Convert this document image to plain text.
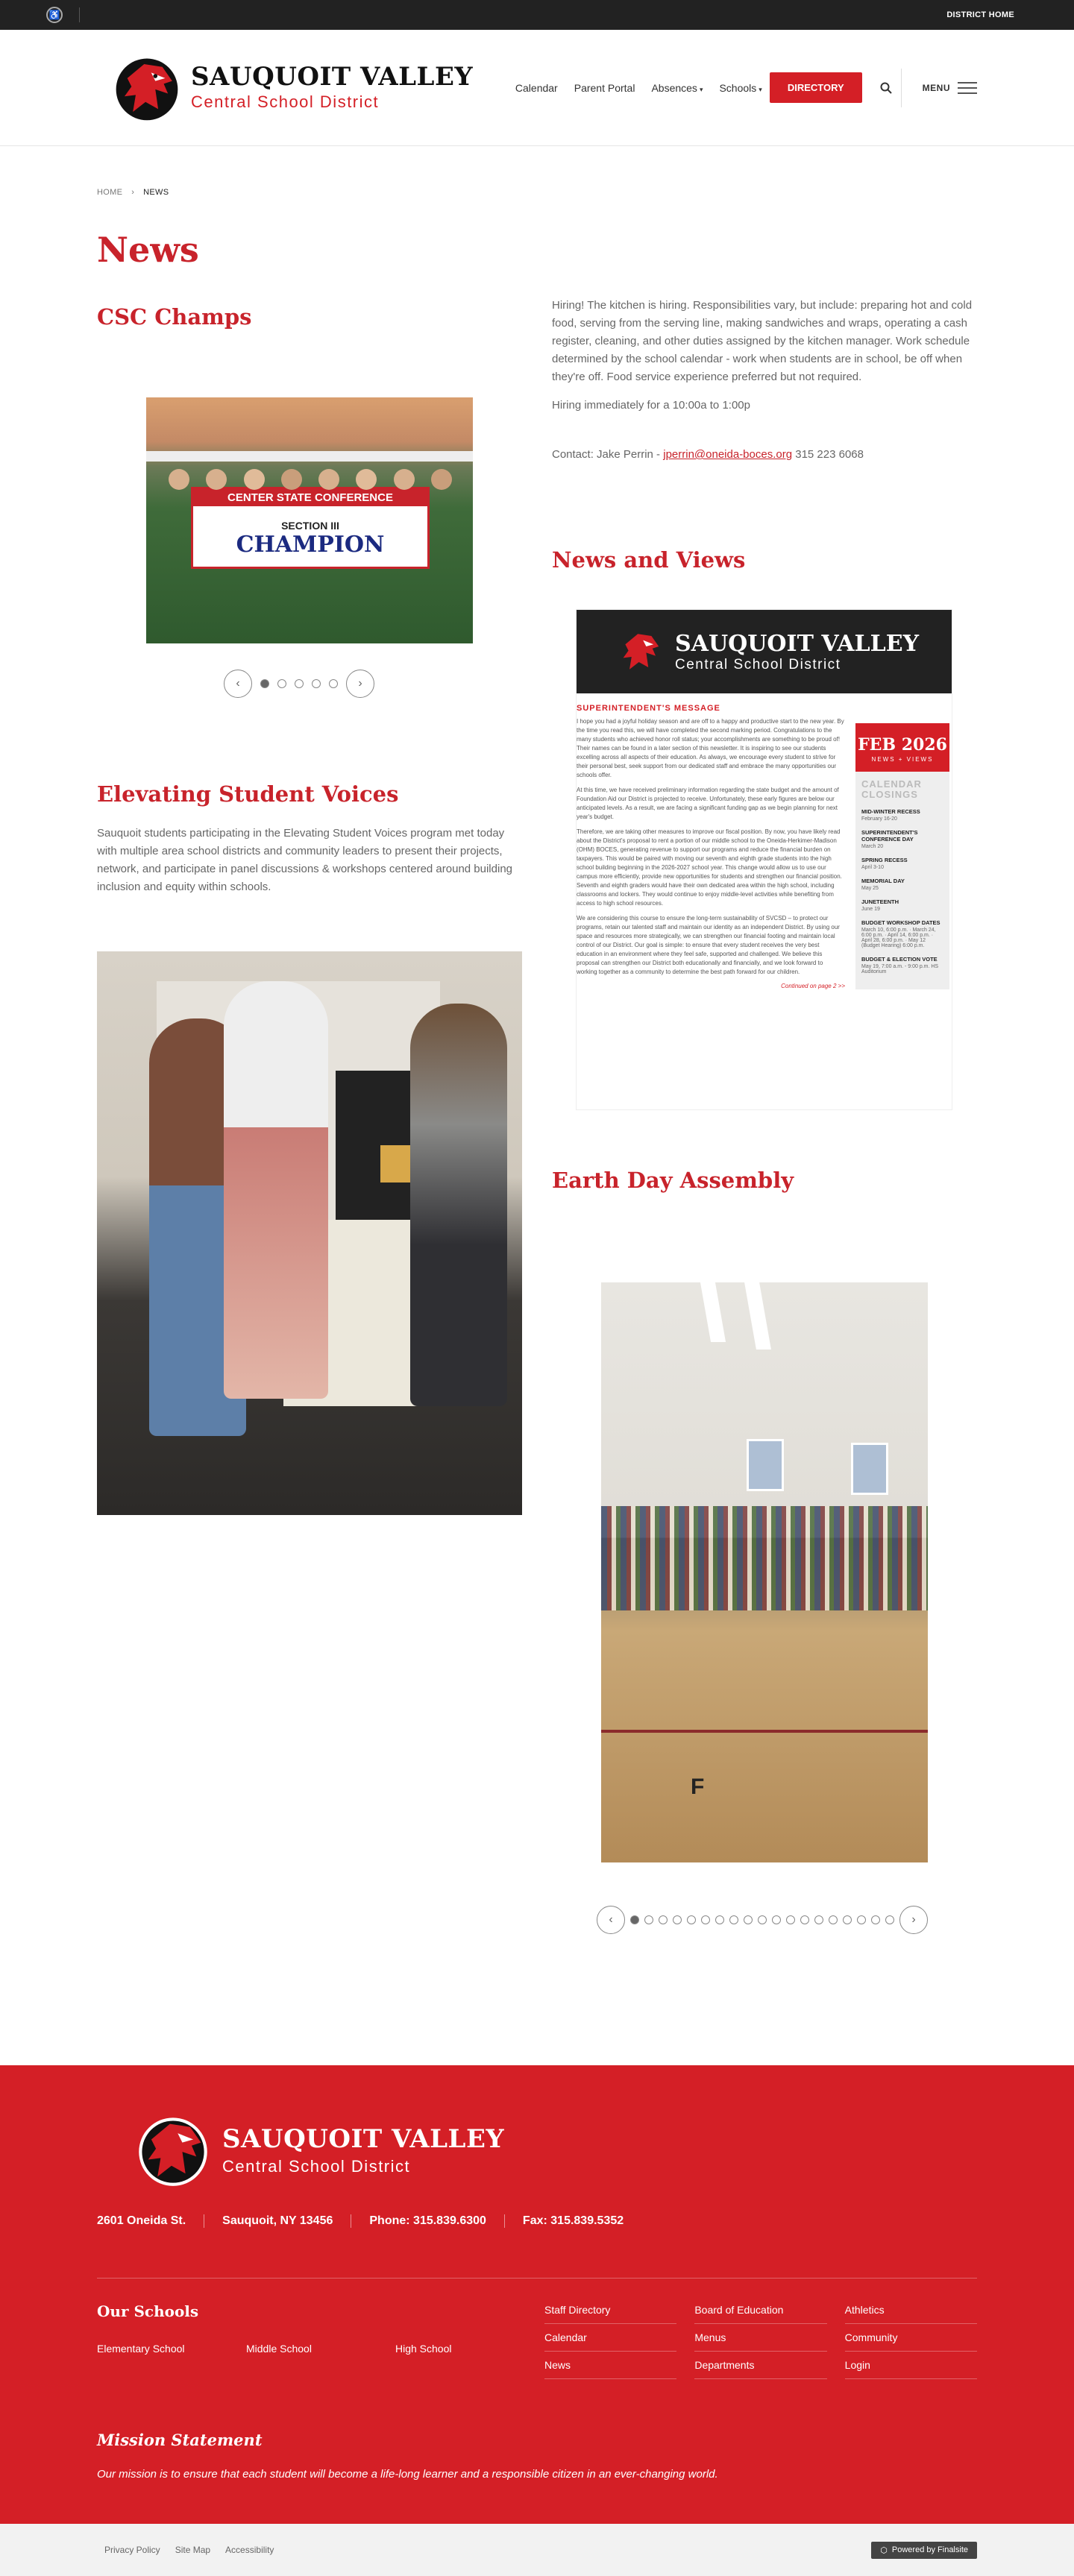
♿	DISTRICT HOME
SAUQUOIT VALLEY
Central School District
Calendar Parent Portal Absences ▾ Schools ▾	DIRECTORY	MENU
HOME › NEWS
News
CSC Champs
CENTER STATE CONFERENCE
SECTION III
CHAMPION
‹	›
Elevating Student Voices

Sauquoit students participating in the Elevating Student Voices program met today with multiple area school districts and community leaders to present their projects, network, and participate in panel discussions & workshops centered around building inclusion and equity within schools.

Hiring! The kitchen is hiring. Responsibilities vary, but include: preparing hot and cold food, serving from the serving line, making sandwiches and wraps, operating a cash register, cleaning, and other duties assigned by the kitchen manager. Work schedule determined by the school calendar - work when students are in school, be off when they're off. Food service experience preferred but not required.

Hiring immediately for a 10:00a to 1:00p

Contact: Jake Perrin - jperrin@oneida-boces.org 315 223 6068

News and Views
SAUQUOIT VALLEY
Central School District
SUPERINTENDENT'S MESSAGE

I hope you had a joyful holiday season and are off to a happy and productive start to the new year. By the time you read this, we will have completed the second marking period. Congratulations to the many students who achieved honor roll status; your accomplishments are something to be proud of! Their names can be found in a later section of this newsletter. It is inspiring to see our students excelling across all aspects of their education. As always, we encourage every student to strive for their personal best, seek support from our dedicated staff and embrace the many opportunities our schools offer.

At this time, we have received preliminary information regarding the state budget and the amount of Foundation Aid our District is projected to receive. Unfortunately, these early figures are below our anticipated levels. As a result, we are facing a significant funding gap as we begin planning for next year's budget.

Therefore, we are taking other measures to improve our fiscal position. By now, you have likely read about the District's proposal to rent a portion of our middle school to the Oneida-Herkimer-Madison (OHM) BOCES, generating revenue to support our programs and reduce the financial burden on taxpayers. This would be paired with moving our seventh and eighth grade students into the high school building beginning in the 2026-2027 school year. This change would allow us to use our campus more efficiently, provide new opportunities for students and strengthen our financial position. Seventh and eighth graders would have their own dedicated area within the high school, including classrooms and lockers. They would continue to enjoy middle-level activities while benefiting from access to high school resources.

We are considering this course to ensure the long-term sustainability of SVCSD – to protect our programs, retain our talented staff and maintain our identity as an independent District. By using our space and resources more strategically, we can strengthen our financial footing and maintain local control of our District. Our goal is simple: to ensure that every student receives the very best education in an environment where they feel safe, supported and challenged. We believe this proposal can strengthen our District both educationally and financially, and we look forward to working together as a community to determine the best path forward for our children.

Continued on page 2 >>
FEB 2026
NEWS + VIEWS
CALENDAR CLOSINGS
MID-WINTER RECESS
February 16-20
SUPERINTENDENT'S CONFERENCE DAY
March 20
SPRING RECESS
April 3-10
MEMORIAL DAY
May 25
JUNETEENTH
June 19
BUDGET WORKSHOP DATES
March 10, 6:00 p.m. · March 24, 6:00 p.m. · April 14, 6:00 p.m. · April 28, 6:00 p.m. · May 12 (Budget Hearing) 6:00 p.m.
BUDGET & ELECTION VOTE
May 19, 7:00 a.m. - 9:00 p.m. HS Auditorium
Earth Day Assembly
F
‹	›
SAUQUOIT VALLEY
Central School District
2601 Oneida St.	Sauquoit, NY 13456	Phone: 315.839.6300	Fax: 315.839.5352
Our Schools
Elementary School	Middle School	High School
Staff Directory	Board of Education	Athletics
Calendar	Menus	Community
News	Departments	Login
Mission Statement
Our mission is to ensure that each student will become a life-long learner and a responsible citizen in an ever-changing world.
Privacy Policy Site Map Accessibility	⬡ Powered by Finalsite
